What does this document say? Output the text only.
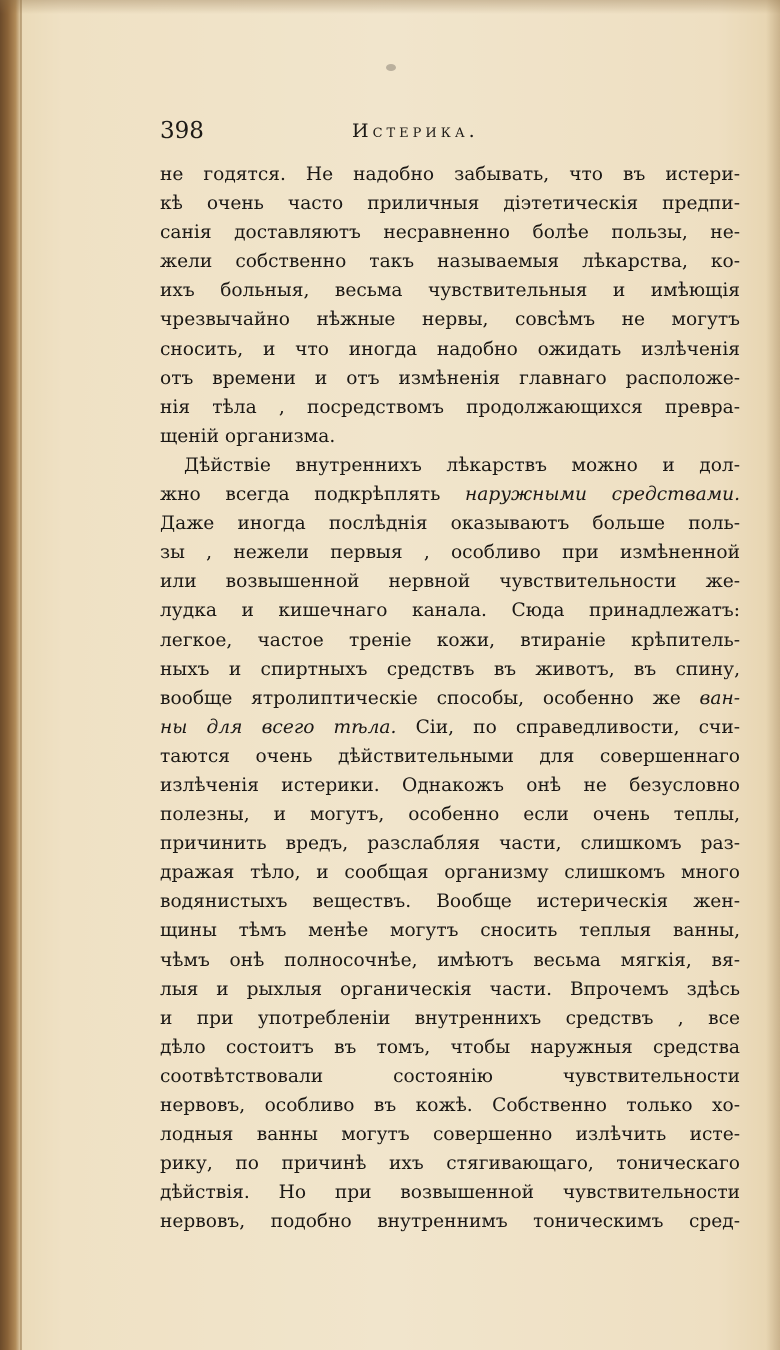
398	Истерика.
не годятся. Не надобно забывать, что въ истери-
кѣ очень часто приличныя діэтетическія предпи-
санія доставляютъ несравненно болѣе пользы, не-
жели собственно такъ называемыя лѣкарства, ко-
ихъ больныя, весьма чувствительныя и имѣющія
чрезвычайно нѣжные нервы, совсѣмъ не могутъ
сносить, и что иногда надобно ожидать излѣченія
отъ времени и отъ измѣненія главнаго расположе-
нія тѣла , посредствомъ продолжающихся превра-
щеній организма.
Дѣйствіе внутреннихъ лѣкарствъ можно и дол-
жно всегда подкрѣплять наружными средствами.
Даже иногда послѣднія оказываютъ больше поль-
зы , нежели первыя , особливо при измѣненной
или возвышенной нервной чувствительности же-
лудка и кишечнаго канала. Сюда принадлежатъ:
легкое, частое треніе кожи, втираніе крѣпитель-
ныхъ и спиртныхъ средствъ въ животъ, въ спину,
вообще ятролиптическіе способы, особенно же ван-
ны для всего тѣла. Сіи, по справедливости, счи-
таются очень дѣйствительными для совершеннаго
излѣченія истерики. Однакожъ онѣ не безусловно
полезны, и могутъ, особенно если очень теплы,
причинить вредъ, разслабляя части, слишкомъ раз-
дражая тѣло, и сообщая организму слишкомъ много
водянистыхъ веществъ. Вообще истерическія жен-
щины тѣмъ менѣе могутъ сносить теплыя ванны,
чѣмъ онѣ полносочнѣе, имѣютъ весьма мягкія, вя-
лыя и рыхлыя органическія части. Впрочемъ здѣсь
и при употребленіи внутреннихъ средствъ , все
дѣло состоитъ въ томъ, чтобы наружныя средства
соотвѣтствовали состоянію чувствительности
нервовъ, особливо въ кожѣ. Собственно только хо-
лодныя ванны могутъ совершенно излѣчить исте-
рику, по причинѣ ихъ стягивающаго, тоническаго
дѣйствія. Но при возвышенной чувствительности
нервовъ, подобно внутреннимъ тоническимъ сред-
